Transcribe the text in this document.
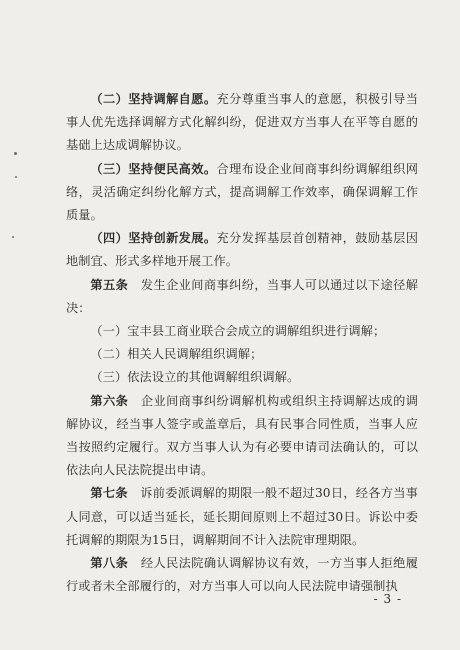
（二）坚持调解自愿。充分尊重当事人的意愿，积极引导当事人优先选择调解方式化解纠纷，促进双方当事人在平等自愿的基础上达成调解协议。

（三）坚持便民高效。合理布设企业间商事纠纷调解组织网络，灵活确定纠纷化解方式，提高调解工作效率，确保调解工作质量。

（四）坚持创新发展。充分发挥基层首创精神，鼓励基层因地制宜、形式多样地开展工作。

第五条　发生企业间商事纠纷，当事人可以通过以下途径解决：

（一）宝丰县工商业联合会成立的调解组织进行调解；

（二）相关人民调解组织调解；

（三）依法设立的其他调解组织调解。

第六条　企业间商事纠纷调解机构或组织主持调解达成的调解协议，经当事人签字或盖章后，具有民事合同性质，当事人应当按照约定履行。双方当事人认为有必要申请司法确认的，可以依法向人民法院提出申请。

第七条　诉前委派调解的期限一般不超过30日，经各方当事人同意，可以适当延长，延长期间原则上不超过30日。诉讼中委托调解的期限为15日，调解期间不计入法院审理期限。

第八条　经人民法院确认调解协议有效，一方当事人拒绝履行或者未全部履行的，对方当事人可以向人民法院申请强制执

- 3 -
